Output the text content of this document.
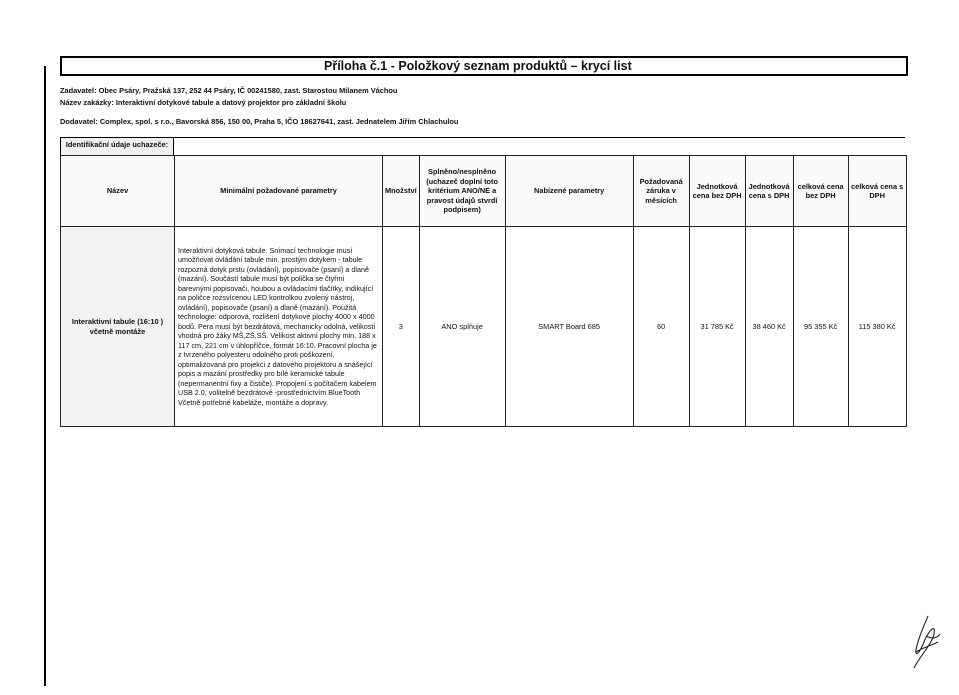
Příloha č.1 - Položkový seznam produktů – krycí list
Zadavatel: Obec Psáry, Pražská 137, 252 44 Psáry, IČ 00241580, zast. Starostou Milanem Váchou
Název zakázky: Interaktivní dotykové tabule a datový projektor pro základní školu
Dodavatel: Complex, spol. s r.o., Bavorská 856, 150 00, Praha 5, IČO 18627641, zast. Jednatelem Jiřím Chlachulou
Identifikační údaje uchazeče:
Název	Minimální požadované parametry	Množství	Splněno/nesplněno (uchazeč doplní toto kritérium ANO/NE a pravost údajů stvrdí podpisem)	Nabízené parametry	Požadovaná záruka v měsících	Jednotková cena bez DPH	Jednotková cena s DPH	celková cena bez DPH	celková cena s DPH
Interaktivní tabule (16:10 ) včetně montáže	Interaktivní dotyková tabule. Snímací technologie musí umožňovat ovládání tabule min. prostým dotykem - tabule rozpozná dotyk prstu (ovládání), popisovače (psaní) a dlaně (mazání). Součástí tabule musí být polička se čtyřmi barevnými popisovači, houbou a ovládacími tlačítky, indikující na poličce rozsvícenou LED kontrolkou zvolený nástroj, ovládání), popisovače (psaní) a dlaně (mazání). Použitá technologie: odporová, rozlišení dotykové plochy 4000 x 4000 bodů. Pera musí být bezdrátová, mechanicky odolná, velikostí vhodná pro žáky MŠ,ZŠ,SŠ. Velikost aktivní plochy min. 188 x 117 cm, 221 cm v úhlopříčce, formát 16:10. Pracovní plocha je z tvrzeného polyesteru odolného proti poškození, optimalizovaná pro projekci z datového projektoru a snášející popis a mazání prostředky pro bílé keramické tabule (nepermanentní fixy a čističe). Propojení s počítačem kabelem USB 2.0, volitelně bezdrátové -prostřednictvím BlueTooth Včetně potřebné kabeláže, montáže a dopravy.	3	ANO splňuje	SMART Board 685	60	31 785 Kč	38 460 Kč	95 355 Kč	115 380 Kč
